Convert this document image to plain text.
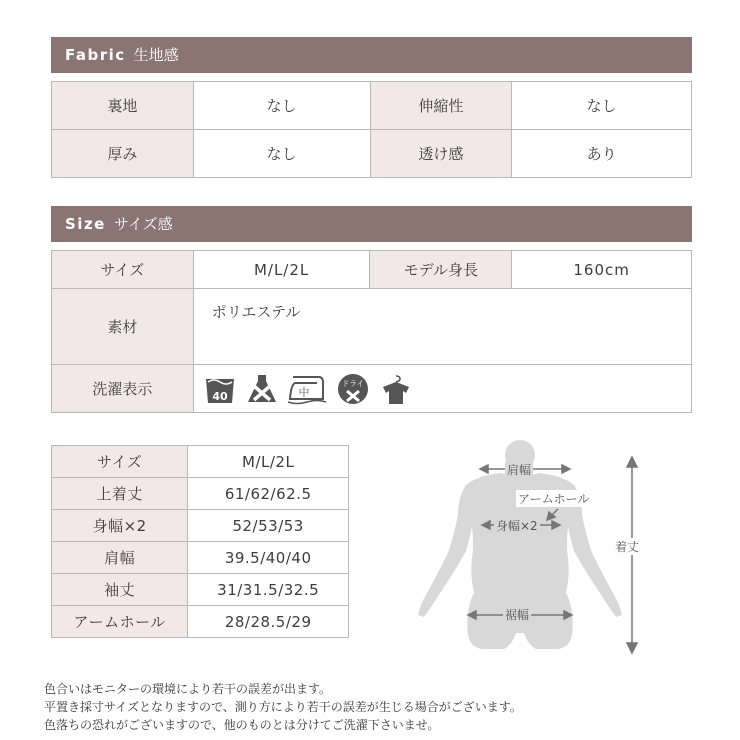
Fabric 生地感
裏地	なし	伸縮性	なし
厚み	なし	透け感	あり
Size サイズ感
サイズ	M/L/2L	モデル身長	160cm
素材	ポリエステル		
洗濯表示	40
中

ドライ		

サイズ	M/L/2L
上着丈	61/62/62.5
身幅×2	52/53/53
肩幅	39.5/40/40
袖丈	31/31.5/32.5
アームホール	28/28.5/29
肩幅
アームホール
身幅×2
着丈
裾幅
色合いはモニターの環境により若干の誤差が出ます。
平置き採寸サイズとなりますので、測り方により若干の誤差が生じる場合がございます。
色落ちの恐れがございますので、他のものとは分けてご洗濯下さいませ。
